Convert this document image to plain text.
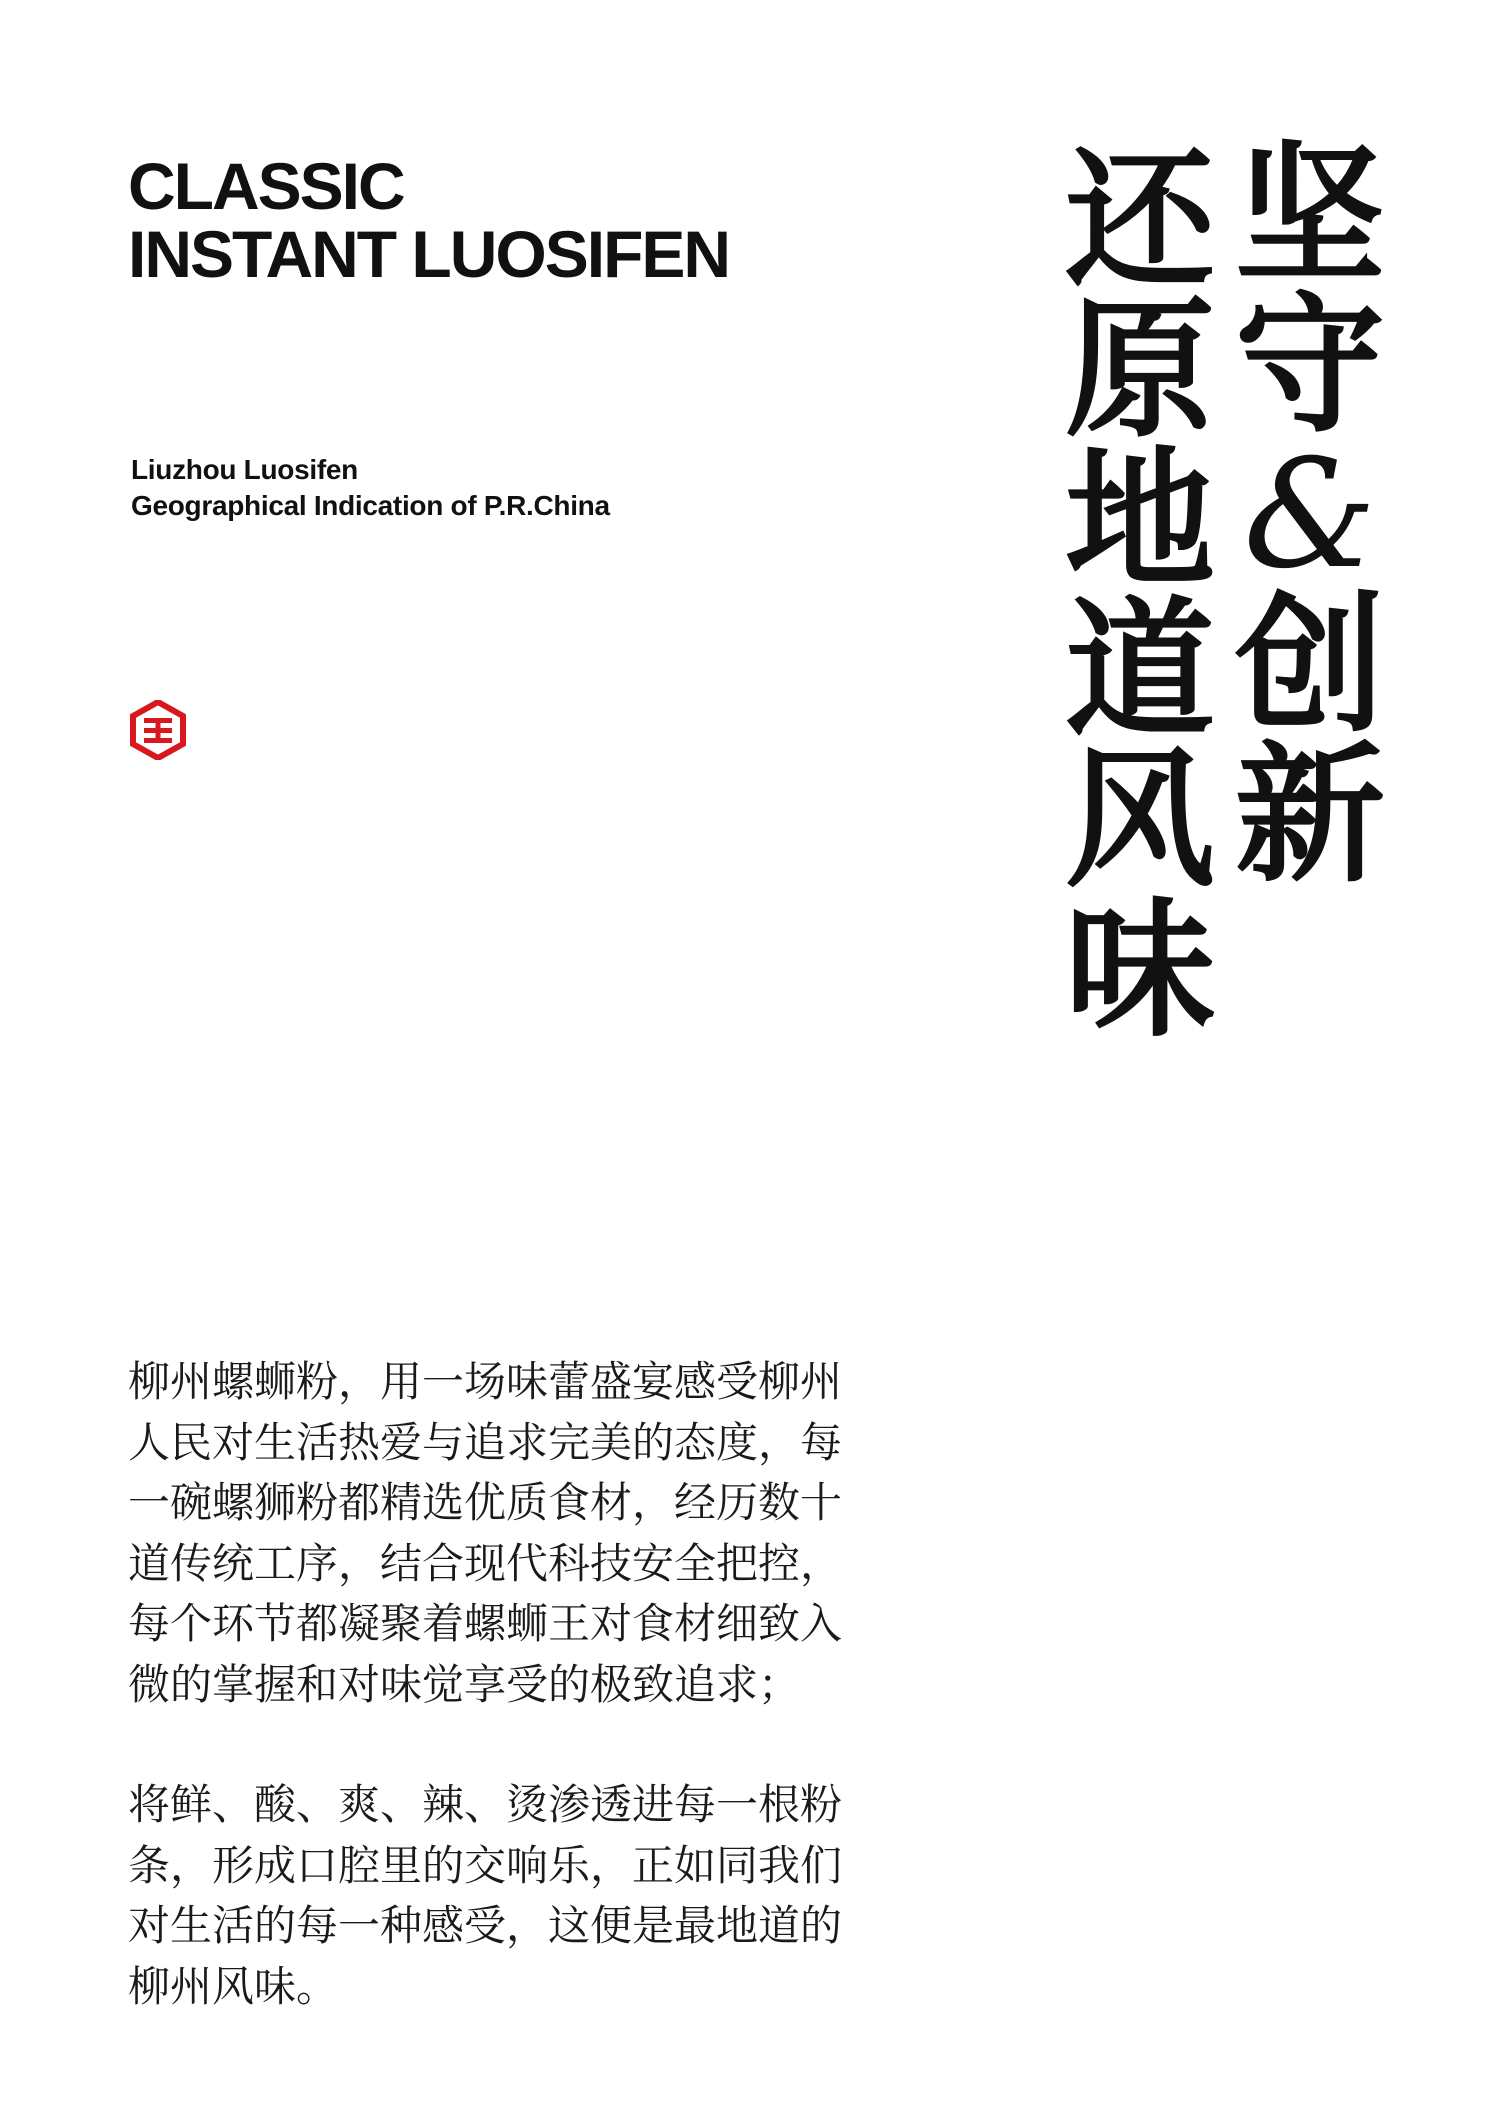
CLASSIC
INSTANT LUOSIFEN
Liuzhou Luosifen
Geographical Indication of P.R.China
坚
守
&
创
新
还
原
地
道
风
味

柳州螺蛳粉，用一场味蕾盛宴感受柳州

人民对生活热爱与追求完美的态度，每

一碗螺狮粉都精选优质食材，经历数十

道传统工序，结合现代科技安全把控，

每个环节都凝聚着螺蛳王对食材细致入

微的掌握和对味觉享受的极致追求；

将鲜、酸、爽、辣、烫渗透进每一根粉

条，形成口腔里的交响乐，正如同我们

对生活的每一种感受，这便是最地道的

柳州风味。
